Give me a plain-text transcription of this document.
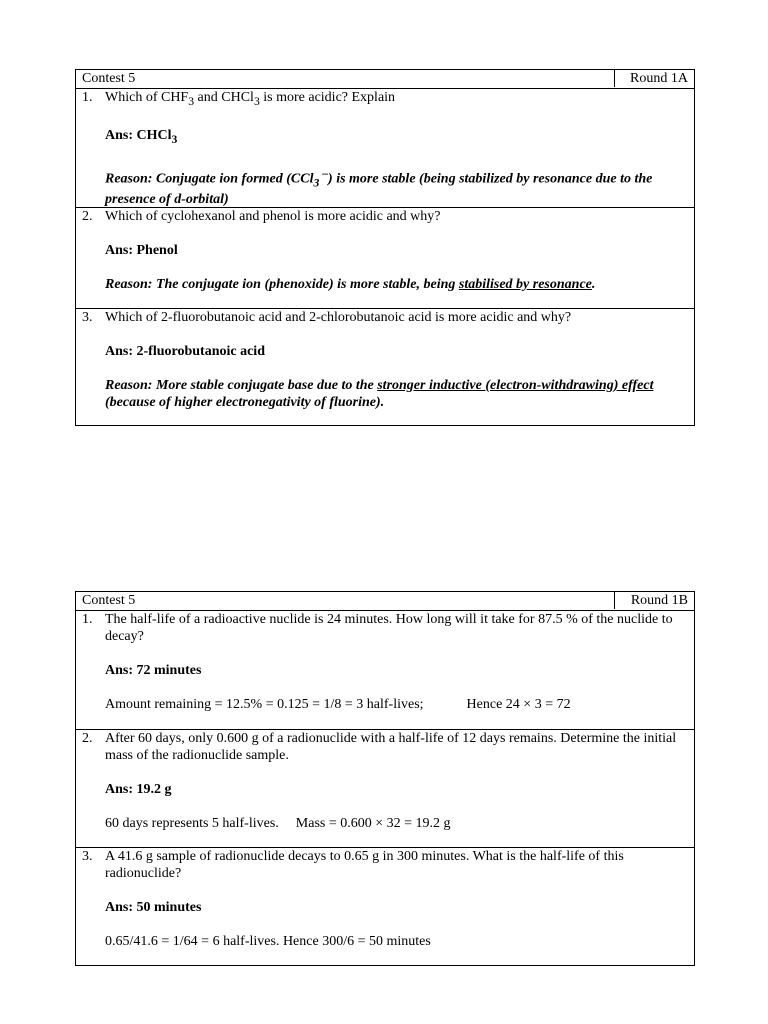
Contest 5	Round 1A
1. Which of $CHF_3$ and CHCl$_3$ is more acidic? Explain

Ans: CHCl$_3$

Reason: Conjugate ion formed (CCl$_3$ –) is more stable (being stabilized by resonance due to the presence of d-orbital)

2. Which of cyclohexanol and phenol is more acidic and why?

Ans: Phenol

Reason: The conjugate ion (phenoxide) is more stable, being stabilised by resonance.

3. Which of 2-fluorobutanoic acid and 2-chlorobutanoic acid is more acidic and why?

Ans: 2-fluorobutanoic acid

Reason: More stable conjugate base due to the stronger inductive (electron-withdrawing) effect (because of higher electronegativity of fluorine).

Contest 5	Round 1B
1. The half-life of a radioactive nuclide is 24 minutes. How long will it take for 87.5 % of the nuclide to decay?

Ans: 72 minutes

Amount remaining = 12.5% = 0.125 = 1/8 = 3 half-lives;	Hence 24 × 3 = 72

2. After 60 days, only 0.600 g of a radionuclide with a half-life of 12 days remains. Determine the initial mass of the radionuclide sample.

Ans: 19.2 g

60 days represents 5 half-lives. Mass = 0.600 × 32 = 19.2 g

3. A 41.6 g sample of radionuclide decays to 0.65 g in 300 minutes. What is the half-life of this radionuclide?

Ans: 50 minutes

0.65/41.6 = 1/64 = 6 half-lives. Hence 300/6 = 50 minutes
